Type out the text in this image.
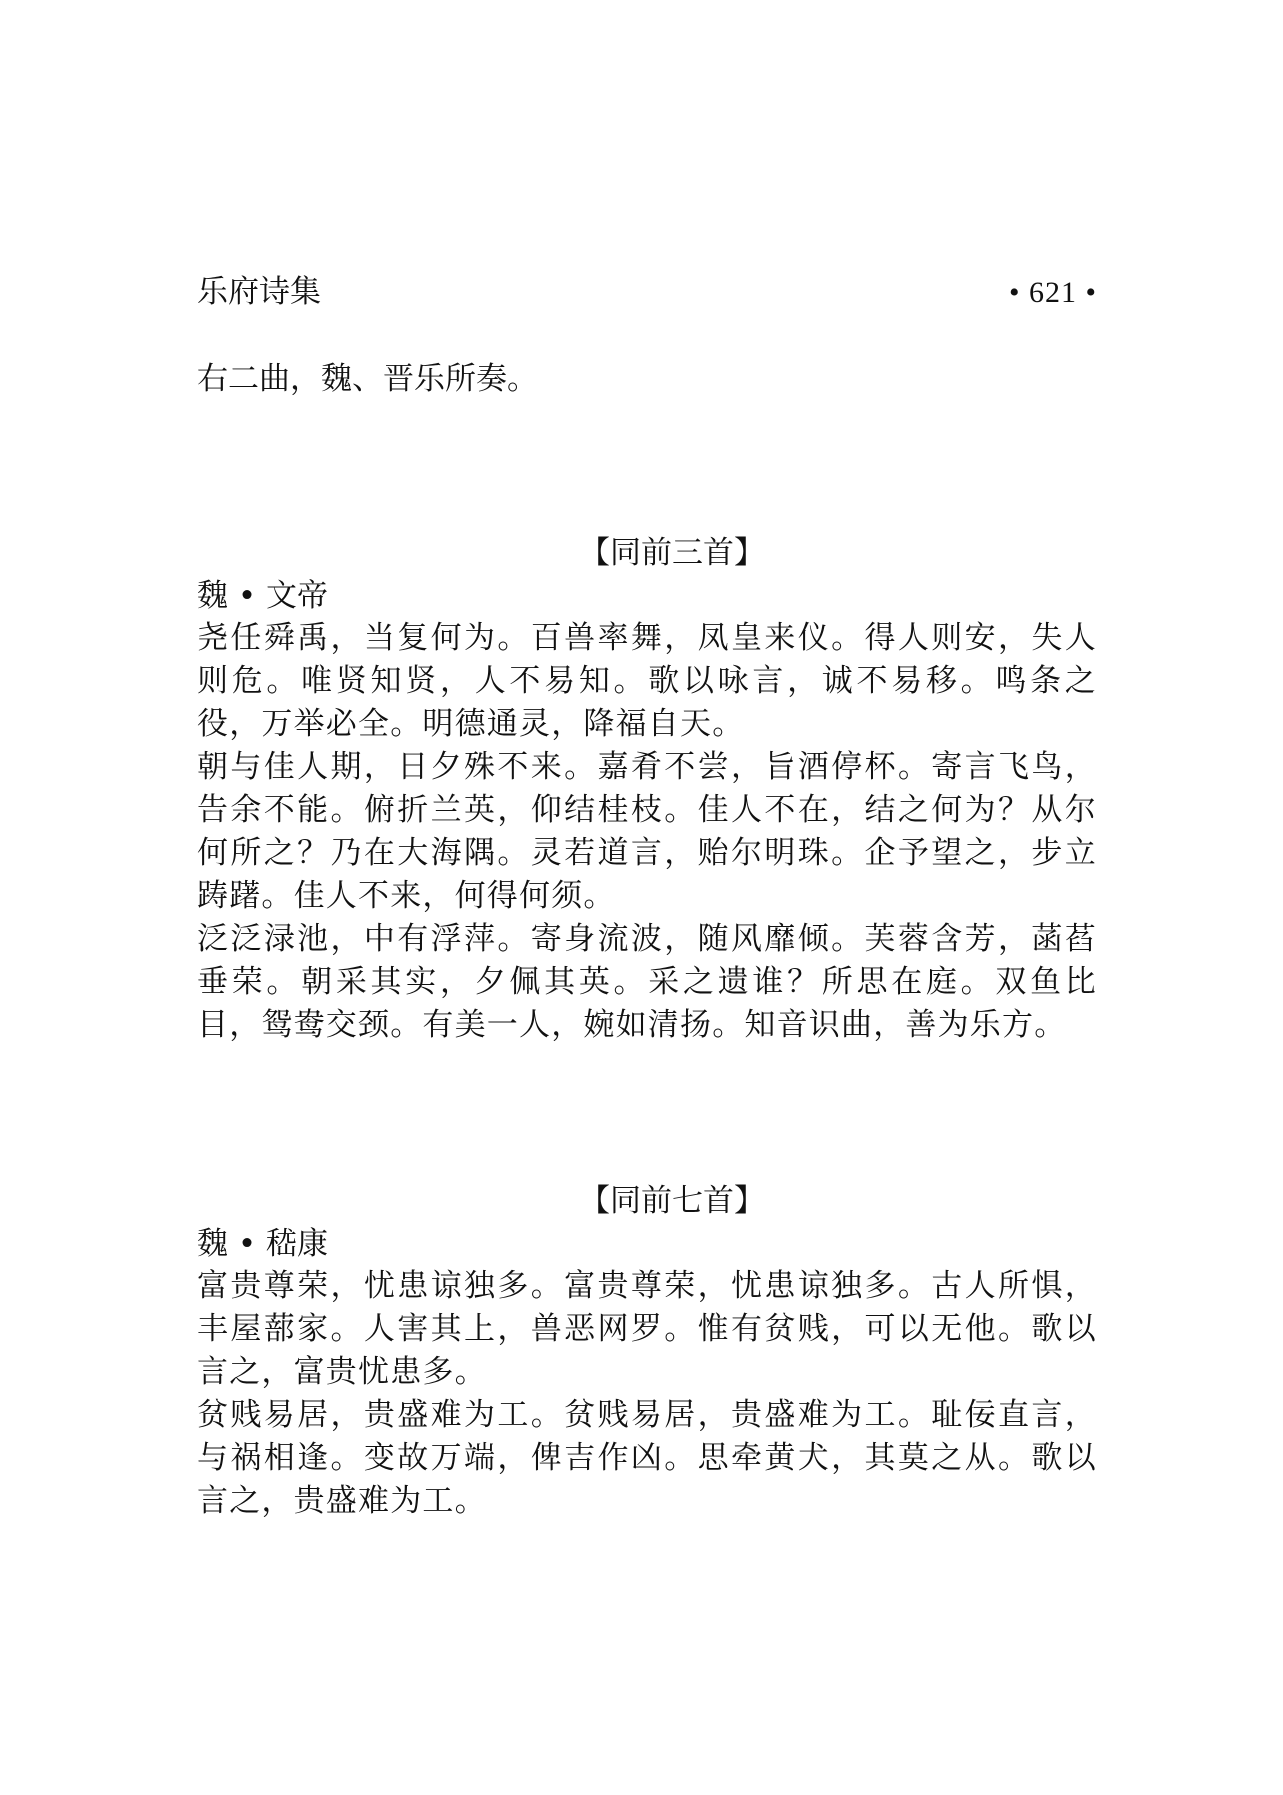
乐府诗集	• 621 •
右二曲，魏、晋乐所奏。
【同前三首】
魏 • 文帝
尧任舜禹，当复何为。百兽率舞，凤皇来仪。得人则安，失人则危。唯贤知贤，人不易知。歌以咏言，诚不易移。鸣条之役，万举必全。明德通灵，降福自天。
朝与佳人期，日夕殊不来。嘉肴不尝，旨酒停杯。寄言飞鸟，告余不能。俯折兰英，仰结桂枝。佳人不在，结之何为？从尔何所之？乃在大海隅。灵若道言，贻尔明珠。企予望之，步立踌躇。佳人不来，何得何须。
泛泛渌池，中有浮萍。寄身流波，随风靡倾。芙蓉含芳，菡萏垂荣。朝采其实，夕佩其英。采之遗谁？所思在庭。双鱼比目，鸳鸯交颈。有美一人，婉如清扬。知音识曲，善为乐方。
【同前七首】
魏 • 嵇康
富贵尊荣，忧患谅独多。富贵尊荣，忧患谅独多。古人所惧，丰屋蔀家。人害其上，兽恶网罗。惟有贫贱，可以无他。歌以言之，富贵忧患多。
贫贱易居，贵盛难为工。贫贱易居，贵盛难为工。耻佞直言，与祸相逢。变故万端，俾吉作凶。思牵黄犬，其莫之从。歌以言之，贵盛难为工。
